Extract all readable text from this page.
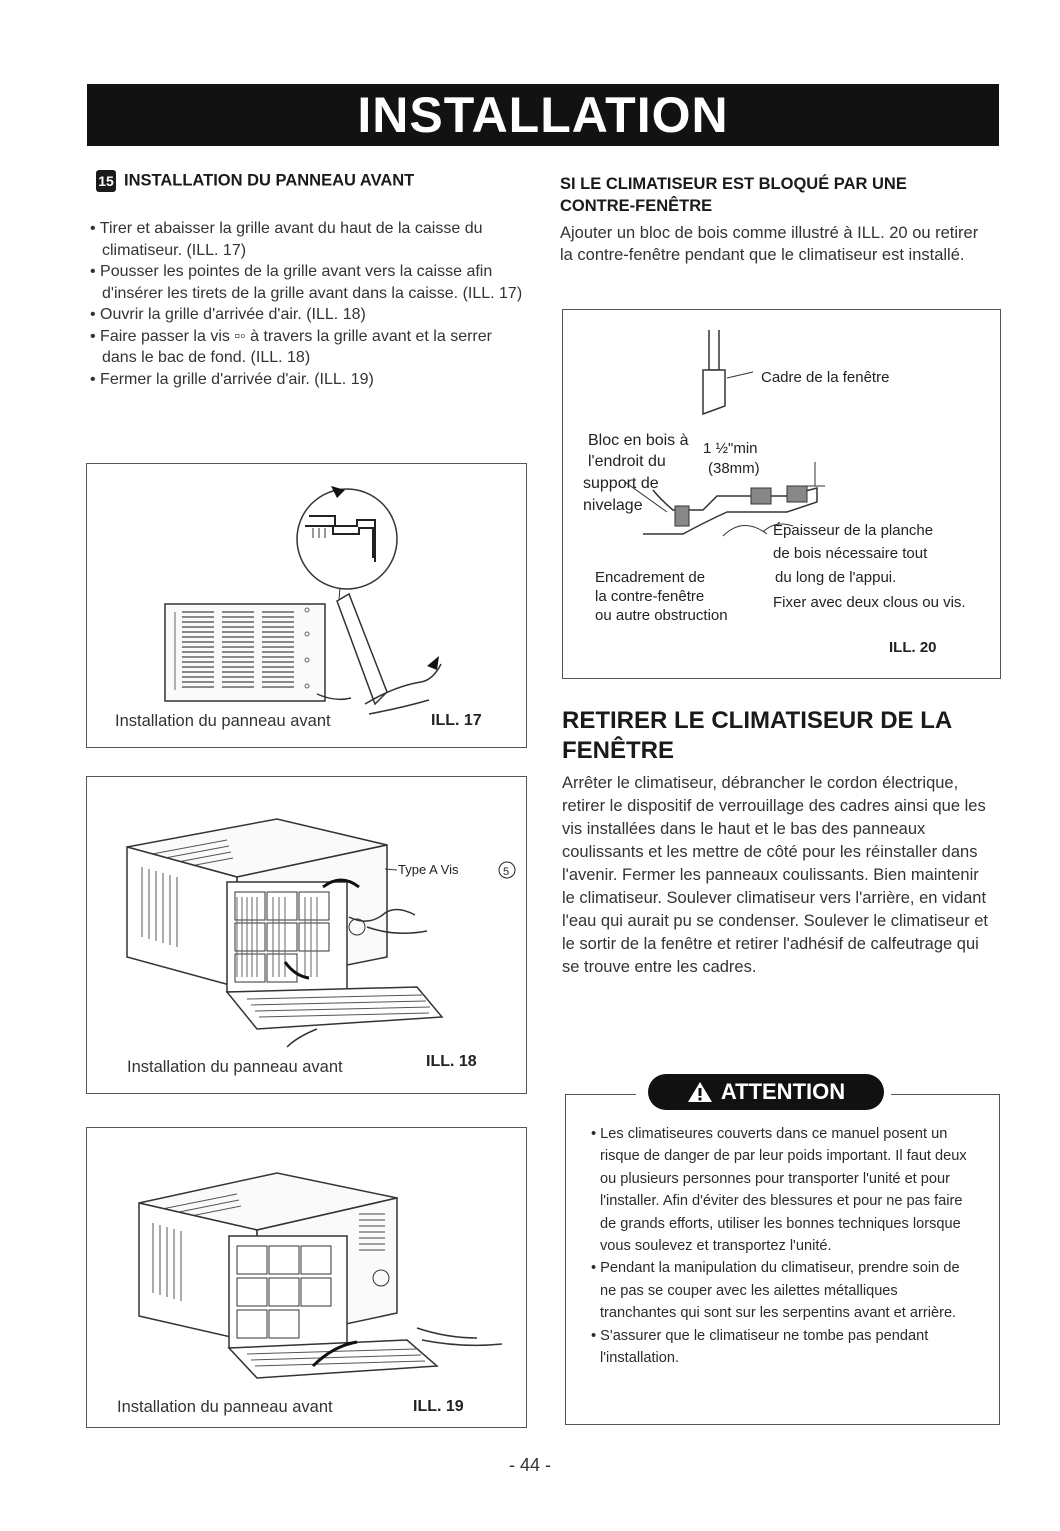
INSTALLATION
15 INSTALLATION DU PANNEAU AVANT
• Tirer et abaisser la grille avant du haut de la caisse du climatiseur. (ILL. 17)
• Pousser les pointes de la grille avant vers la caisse afin d'insérer les tirets de la grille avant dans la caisse. (ILL. 17)
• Ouvrir la grille d'arrivée d'air. (ILL. 18)
• Faire passer la vis ▫◦ à travers la grille avant et la serrer dans le bac de fond. (ILL. 18)
• Fermer la grille d'arrivée d'air. (ILL. 19)
Installation du panneau avant	ILL. 17
Type A Vis	5
Installation du panneau avant	ILL. 18
Installation du panneau avant	ILL. 19
SI LE CLIMATISEUR EST BLOQUÉ PAR UNE
CONTRE-FENÊTRE
Ajouter un bloc de bois comme illustré à ILL. 20 ou retirer la contre-fenêtre pendant que le climatiseur est installé.
Cadre de la fenêtre
Bloc en bois à
l'endroit du
support de
nivelage
1 ½"min
(38mm)
Épaisseur de la planche
de bois nécessaire tout
du long de l'appui.
Fixer avec deux clous ou vis.
Encadrement de
la contre-fenêtre
ou autre obstruction
ILL. 20
RETIRER LE CLIMATISEUR DE LA FENÊTRE
Arrêter le climatiseur, débrancher le cordon électrique, retirer le dispositif de verrouillage des cadres ainsi que les vis installées dans le haut et le bas des panneaux coulissants et les mettre de côté pour les réinstaller dans l'avenir. Fermer les panneaux coulissants. Bien maintenir le climatiseur. Soulever climatiseur vers l'arrière, en vidant l'eau qui aurait pu se condenser. Soulever le climatiseur et le sortir de la fenêtre et retirer l'adhésif de calfeutrage qui se trouve entre les cadres.
ATTENTION
• Les climatiseures couverts dans ce manuel posent un risque de danger de par leur poids important. Il faut deux ou plusieurs personnes pour transporter l'unité et pour l'installer. Afin d'éviter des blessures et pour ne pas faire de grands efforts, utiliser les bonnes techniques lorsque vous soulevez et transportez l'unité.
• Pendant la manipulation du climatiseur, prendre soin de ne pas se couper avec les ailettes métalliques tranchantes qui sont sur les serpentins avant et arrière.
• S'assurer que le climatiseur ne tombe pas pendant l'installation.
- 44 -
